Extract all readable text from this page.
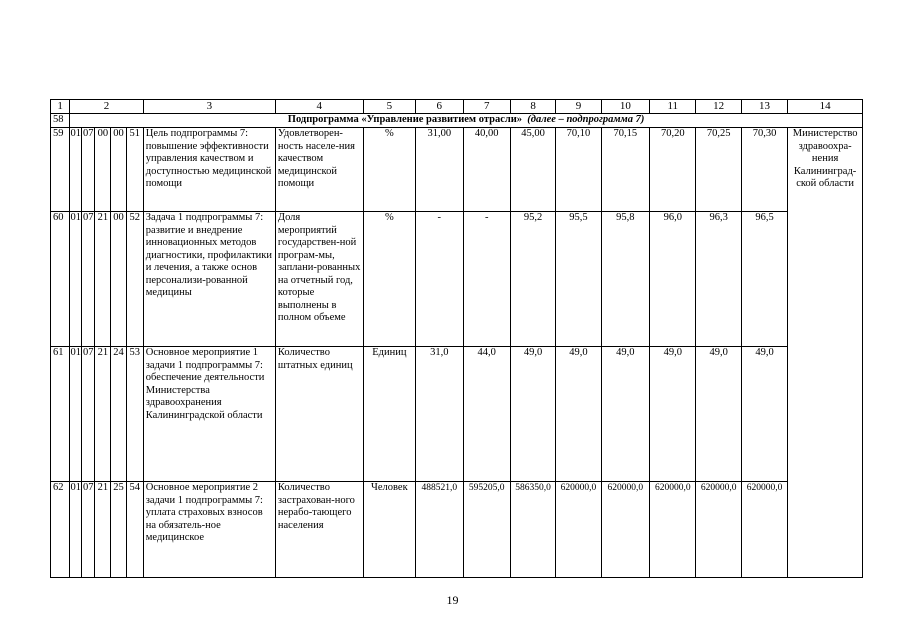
1	2					3	4	5	6	7	8	9	10	11	12	13	14
58	Подпрограмма «Управление развитием отрасли» (далее – подпрограмма 7)																
59	01	07	00	00	51	Цель подпрограммы 7: повышение эффективности управления качеством и доступностью медицинской помощи	Удовлетворен-ность населе-ния качеством медицинской помощи	%	31,00	40,00	45,00	70,10	70,15	70,20	70,25	70,30	Министерство здравоохра-нения Калининград-ской области
60	01	07	21	00	52	Задача 1 подпрограммы 7: развитие и внедрение инновационных методов диагностики, профилактики и лечения, а также основ персонализи-рованной медицины	Доля мероприятий государствен-ной програм-мы, заплани-рованных на отчетный год, которые выполнены в полном объеме	%	-	-	95,2	95,5	95,8	96,0	96,3	96,5	
61	01	07	21	24	53	Основное мероприятие 1 задачи 1 подпрограммы 7: обеспечение деятельности Министерства здравоохранения Калининградской области	Количество штатных единиц	Единиц	31,0	44,0	49,0	49,0	49,0	49,0	49,0	49,0	
62	01	07	21	25	54	Основное мероприятие 2 задачи 1 подпрограммы 7: уплата страховых взносов на обязатель-ное медицинское	Количество застрахован-ного нерабо-тающего населения	Человек	488521,0	595205,0	586350,0	620000,0	620000,0	620000,0	620000,0	620000,0	
19
